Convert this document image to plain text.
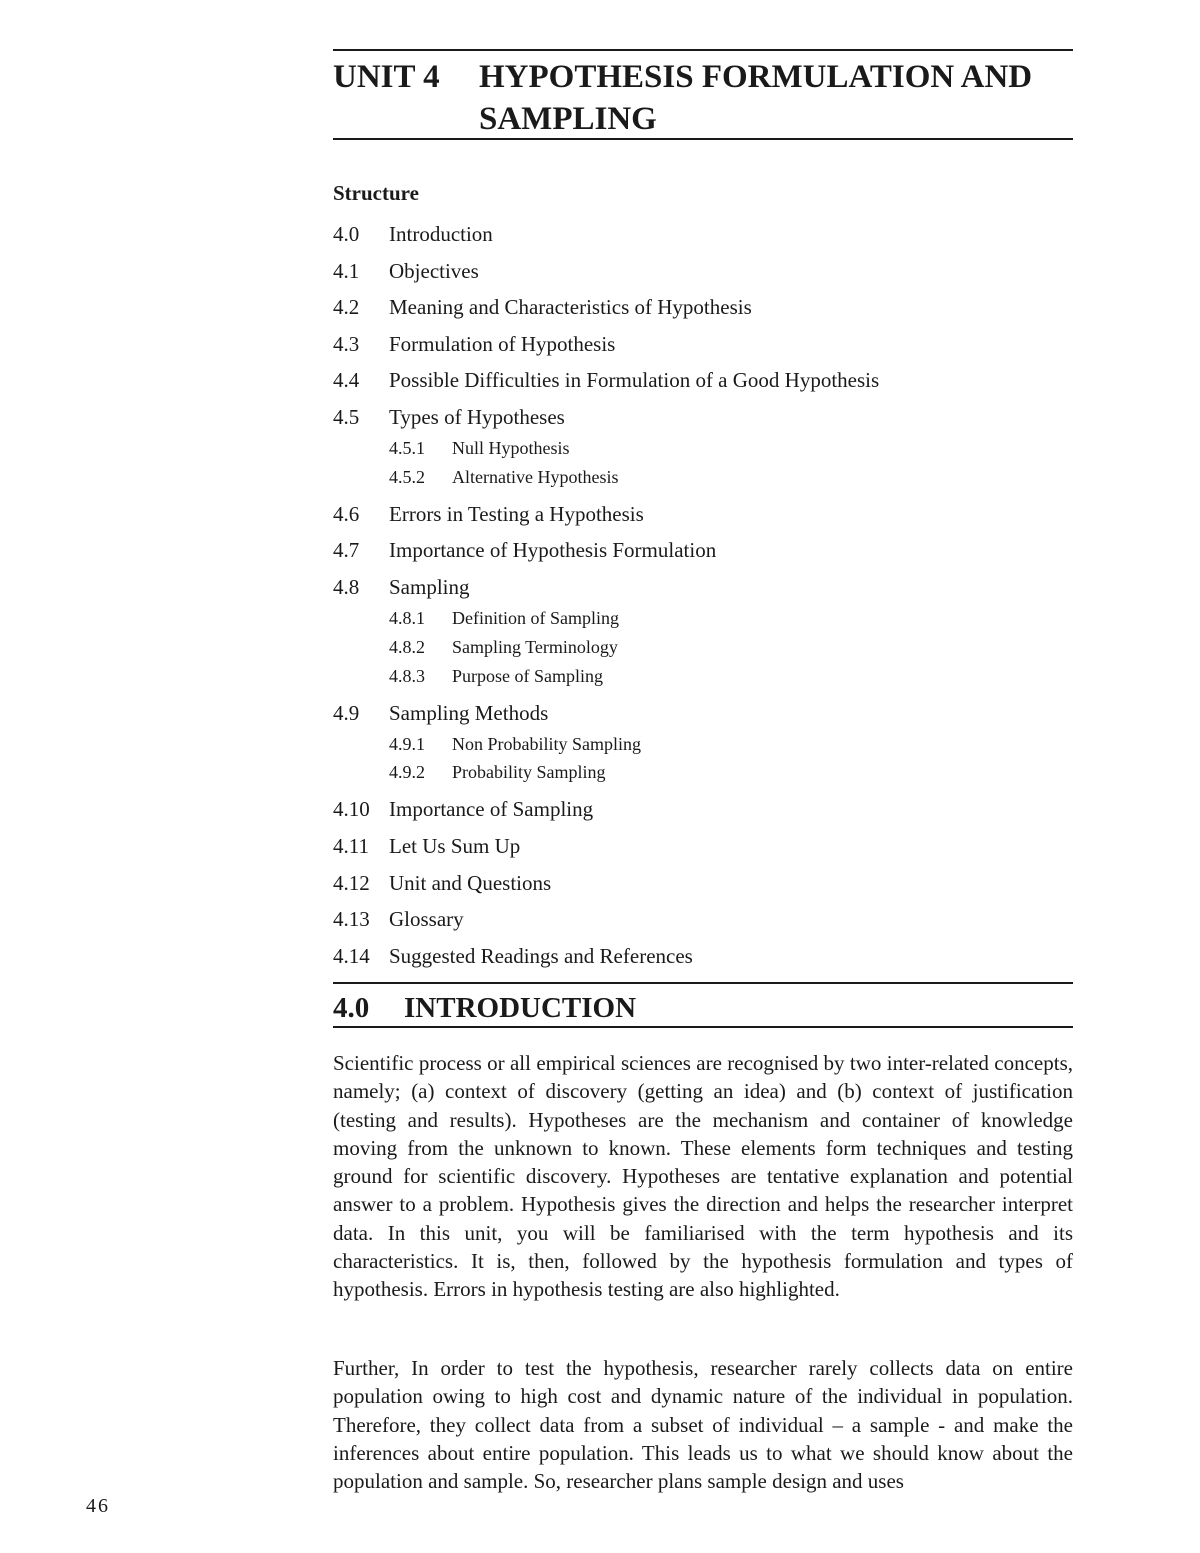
UNIT 4	HYPOTHESIS FORMULATION AND SAMPLING
Structure
4.0	Introduction
4.1	Objectives
4.2	Meaning and Characteristics of Hypothesis
4.3	Formulation of Hypothesis
4.4	Possible Difficulties in Formulation of a Good Hypothesis
4.5	Types of Hypotheses
4.5.1	Null Hypothesis
4.5.2	Alternative Hypothesis
4.6	Errors in Testing a Hypothesis
4.7	Importance of Hypothesis Formulation
4.8	Sampling
4.8.1	Definition of Sampling
4.8.2	Sampling Terminology
4.8.3	Purpose of Sampling
4.9	Sampling Methods
4.9.1	Non Probability Sampling
4.9.2	Probability Sampling
4.10 Importance of Sampling
4.11 Let Us Sum Up
4.12 Unit and Questions
4.13 Glossary
4.14 Suggested Readings and References
4.0	INTRODUCTION

Scientific process or all empirical sciences are recognised by two inter-related concepts, namely; (a) context of discovery (getting an idea) and (b) context of justification (testing and results). Hypotheses are the mechanism and container of knowledge moving from the unknown to known. These elements form techniques and testing ground for scientific discovery. Hypotheses are tentative explanation and potential answer to a problem. Hypothesis gives the direction and helps the researcher interpret data. In this unit, you will be familiarised with the term hypothesis and its characteristics. It is, then, followed by the hypothesis formulation and types of hypothesis. Errors in hypothesis testing are also highlighted.

Further, In order to test the hypothesis, researcher rarely collects data on entire population owing to high cost and dynamic nature of the individual in population. Therefore, they collect data from a subset of individual – a sample - and make the inferences about entire population. This leads us to what we should know about the population and sample. So, researcher plans sample design and uses

46
